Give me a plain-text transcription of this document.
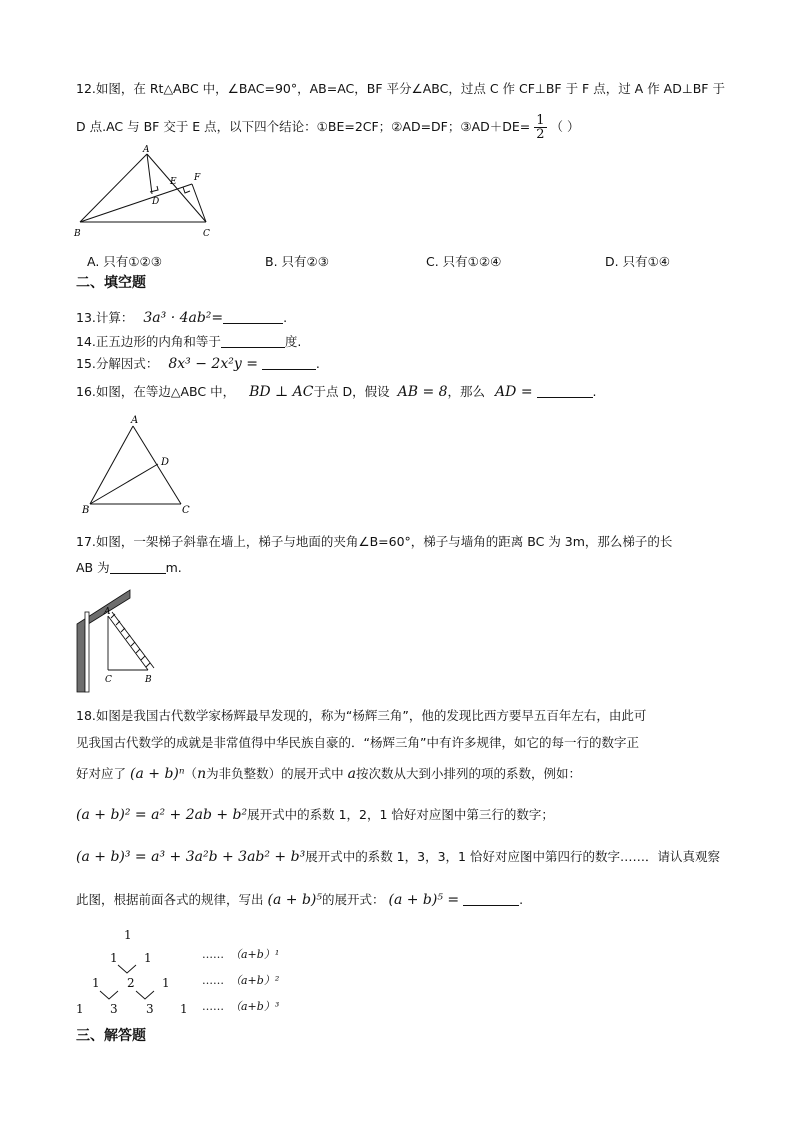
12.如图，在 Rt△ABC 中，∠BAC=90°，AB=AC，BF 平分∠ABC，过点 C 作 CF⊥BF 于 F 点，过 A 作 AD⊥BF 于
D 点.AC 与 BF 交于 E 点，以下四个结论：①BE=2CF；②AD=DF；③AD＋DE= $\frac{1}{2}$ （ ）
A
B	C
D
E F
A. 只有①②③	B. 只有②③	C. 只有①②④	D. 只有①④
二、填空题
13.计算： 3a³ · 4ab²=	.
14.正五边形的内角和等于	度.
15.分解因式： 8x³ − 2x²y =	.
16.如图，在等边△ABC 中， BD ⊥ AC于点 D，假设 AB = 8，那么 AD =	.
A
B	C
D
17.如图，一架梯子斜靠在墙上，梯子与地面的夹角∠B=60°，梯子与墙角的距离 BC 为 3m，那么梯子的长
AB 为	m.
A
C	B
18.如图是我国古代数学家杨辉最早发现的，称为“杨辉三角”，他的发现比西方要早五百年左右，由此可
见我国古代数学的成就是非常值得中华民族自豪的．“杨辉三角”中有许多规律，如它的每一行的数字正
好对应了 (a + b)ⁿ（n为非负整数）的展开式中 a按次数从大到小排列的项的系数，例如：
(a + b)² = a² + 2ab + b²展开式中的系数 1，2，1 恰好对应图中第三行的数字；
(a + b)³ = a³ + 3a²b + 3ab² + b³展开式中的系数 1，3，3，1 恰好对应图中第四行的数字……．请认真观察
此图，根据前面各式的规律，写出 (a + b)⁵的展开式： (a + b)⁵ =	.
1
1 1
1 2 1
1 3 3 1
……
……
……
（a+b）¹
（a+b）²
（a+b）³
三、解答题
